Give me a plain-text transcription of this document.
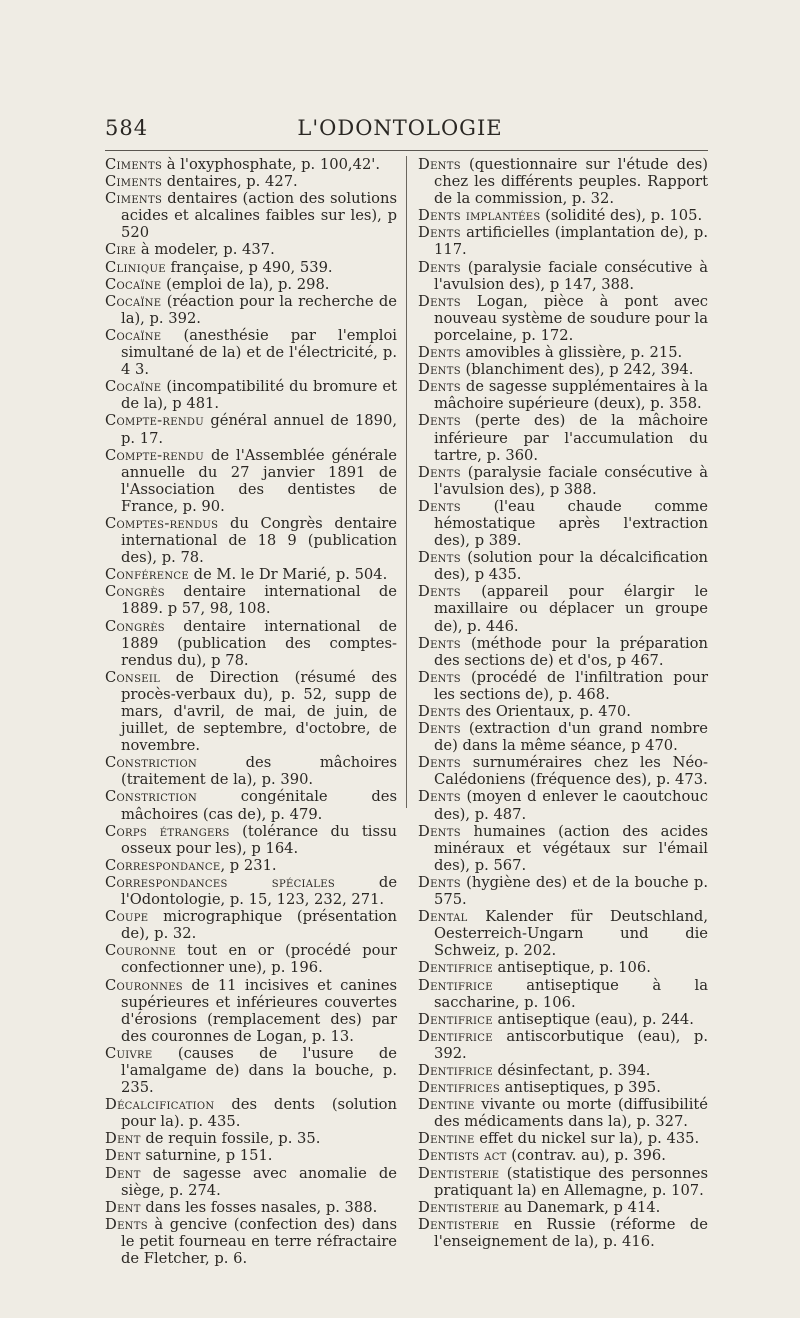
584	L'ODONTOLOGIE
Ciments à l'oxyphosphate, p. 100,42'.
Ciments dentaires, p. 427.
Ciments dentaires (action des solutions acides et alcalines faibles sur les), p 520
Cire à modeler, p. 437.
Clinique française, p 490, 539.
Cocaïne (emploi de la), p. 298.
Cocaïne (réaction pour la recherche de la), p. 392.
Cocaïne (anesthésie par l'emploi simultané de la) et de l'électricité, p. 4 3.
Cocaïne (incompatibilité du bromure et de la), p 481.
Compte-rendu général annuel de 1890, p. 17.
Compte-rendu de l'Assemblée générale annuelle du 27 janvier 1891 de l'Association des dentistes de France, p. 90.
Comptes-rendus du Congrès dentaire international de 18 9 (publication des), p. 78.
Conférence de M. le Dr Marié, p. 504.
Congrès dentaire international de 1889. p 57, 98, 108.
Congrès dentaire international de 1889 (publication des comptes-rendus du), p 78.
Conseil de Direction (résumé des procès-verbaux du), p. 52, supp de mars, d'avril, de mai, de juin, de juillet, de septembre, d'octobre, de novembre.
Constriction des mâchoires (traitement de la), p. 390.
Constriction congénitale des mâchoires (cas de), p. 479.
Corps étrangers (tolérance du tissu osseux pour les), p 164.
Correspondance, p 231.
Correspondances spéciales de l'Odontologie, p. 15, 123, 232, 271.
Coupe micrographique (présentation de), p. 32.
Couronne tout en or (procédé pour confectionner une), p. 196.
Couronnes de 11 incisives et canines supérieures et inférieures couvertes d'érosions (remplacement des) par des couronnes de Logan, p. 13.
Cuivre (causes de l'usure de l'amalgame de) dans la bouche, p. 235.
Décalcification des dents (solution pour la). p. 435.
Dent de requin fossile, p. 35.
Dent saturnine, p 151.
Dent de sagesse avec anomalie de siège, p. 274.
Dent dans les fosses nasales, p. 388.
Dents à gencive (confection des) dans le petit fourneau en terre réfractaire de Fletcher, p. 6.
Dents (questionnaire sur l'étude des) chez les différents peuples. Rapport de la commission, p. 32.
Dents implantées (solidité des), p. 105.
Dents artificielles (implantation de), p. 117.
Dents (paralysie faciale consécutive à l'avulsion des), p 147, 388.
Dents Logan, pièce à pont avec nouveau système de soudure pour la porcelaine, p. 172.
Dents amovibles à glissière, p. 215.
Dents (blanchiment des), p 242, 394.
Dents de sagesse supplémentaires à la mâchoire supérieure (deux), p. 358.
Dents (perte des) de la mâchoire inférieure par l'accumulation du tartre, p. 360.
Dents (paralysie faciale consécutive à l'avulsion des), p 388.
Dents (l'eau chaude comme hémostatique après l'extraction des), p 389.
Dents (solution pour la décalcification des), p 435.
Dents (appareil pour élargir le maxillaire ou déplacer un groupe de), p. 446.
Dents (méthode pour la préparation des sections de) et d'os, p 467.
Dents (procédé de l'infiltration pour les sections de), p. 468.
Dents des Orientaux, p. 470.
Dents (extraction d'un grand nombre de) dans la même séance, p 470.
Dents surnuméraires chez les Néo-Calédoniens (fréquence des), p. 473.
Dents (moyen d enlever le caoutchouc des), p. 487.
Dents humaines (action des acides minéraux et végétaux sur l'émail des), p. 567.
Dents (hygiène des) et de la bouche p. 575.
Dental Kalender für Deutschland, Oesterreich-Ungarn und die Schweiz, p. 202.
Dentifrice antiseptique, p. 106.
Dentifrice antiseptique à la saccharine, p. 106.
Dentifrice antiseptique (eau), p. 244.
Dentifrice antiscorbutique (eau), p. 392.
Dentifrice désinfectant, p. 394.
Dentifrices antiseptiques, p 395.
Dentine vivante ou morte (diffusibilité des médicaments dans la), p. 327.
Dentine effet du nickel sur la), p. 435.
Dentists act (contrav. au), p. 396.
Dentisterie (statistique des personnes pratiquant la) en Allemagne, p. 107.
Dentisterie au Danemark, p 414.
Dentisterie en Russie (réforme de l'enseignement de la), p. 416.
